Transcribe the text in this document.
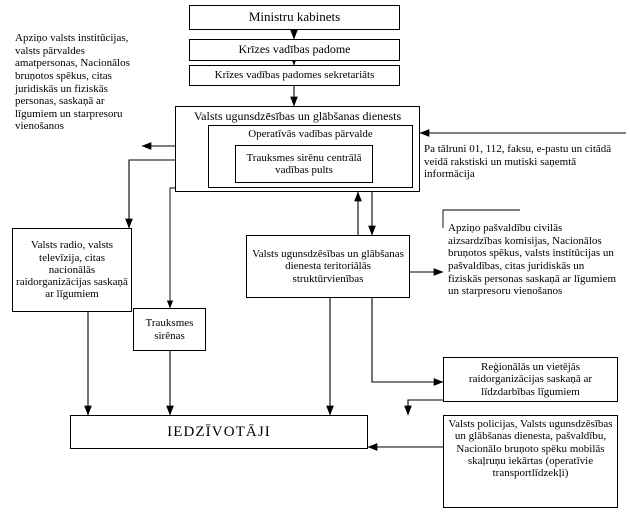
Ministru kabinets
Krīzes vadības padome
Krīzes vadības padomes sekretariāts
Valsts ugunsdzēsības un glābšanas dienests
Operatīvās vadības pārvalde
Trauksmes sirēnu centrālā vadības pults
Valsts ugunsdzēsības un glābšanas dienesta teritoriālās struktūrvienības
Valsts radio, valsts televīzija, citas nacionālās raidorganizācijas saskaņā ar līgumiem
Trauksmes sirēnas
Reģionālās un vietējās raidorganizācijas saskaņā ar līdzdarbības līgumiem
Valsts policijas, Valsts ugunsdzēsības un glābšanas dienesta, pašvaldību, Nacionālo bruņoto spēku mobilās skaļruņu iekārtas (operatīvie transportlīdzekļi)
IEDZĪVOTĀJI
Apziņo valsts institūcijas, valsts pārvaldes amatpersonas, Nacionālos bruņotos spēkus, citas juridiskās un fiziskās personas, saskaņā ar līgumiem un starpresoru vienošanos
Pa tālruni 01, 112, faksu, e-pastu un citādā veidā rakstiski un mutiski saņemtā informācija
Apziņo pašvaldību civilās aizsardzības komisijas, Nacionālos bruņotos spēkus, valsts institūcijas un pašvaldības, citas juridiskās un fiziskās personas saskaņā ar līgumiem un starpresoru vienošanos
